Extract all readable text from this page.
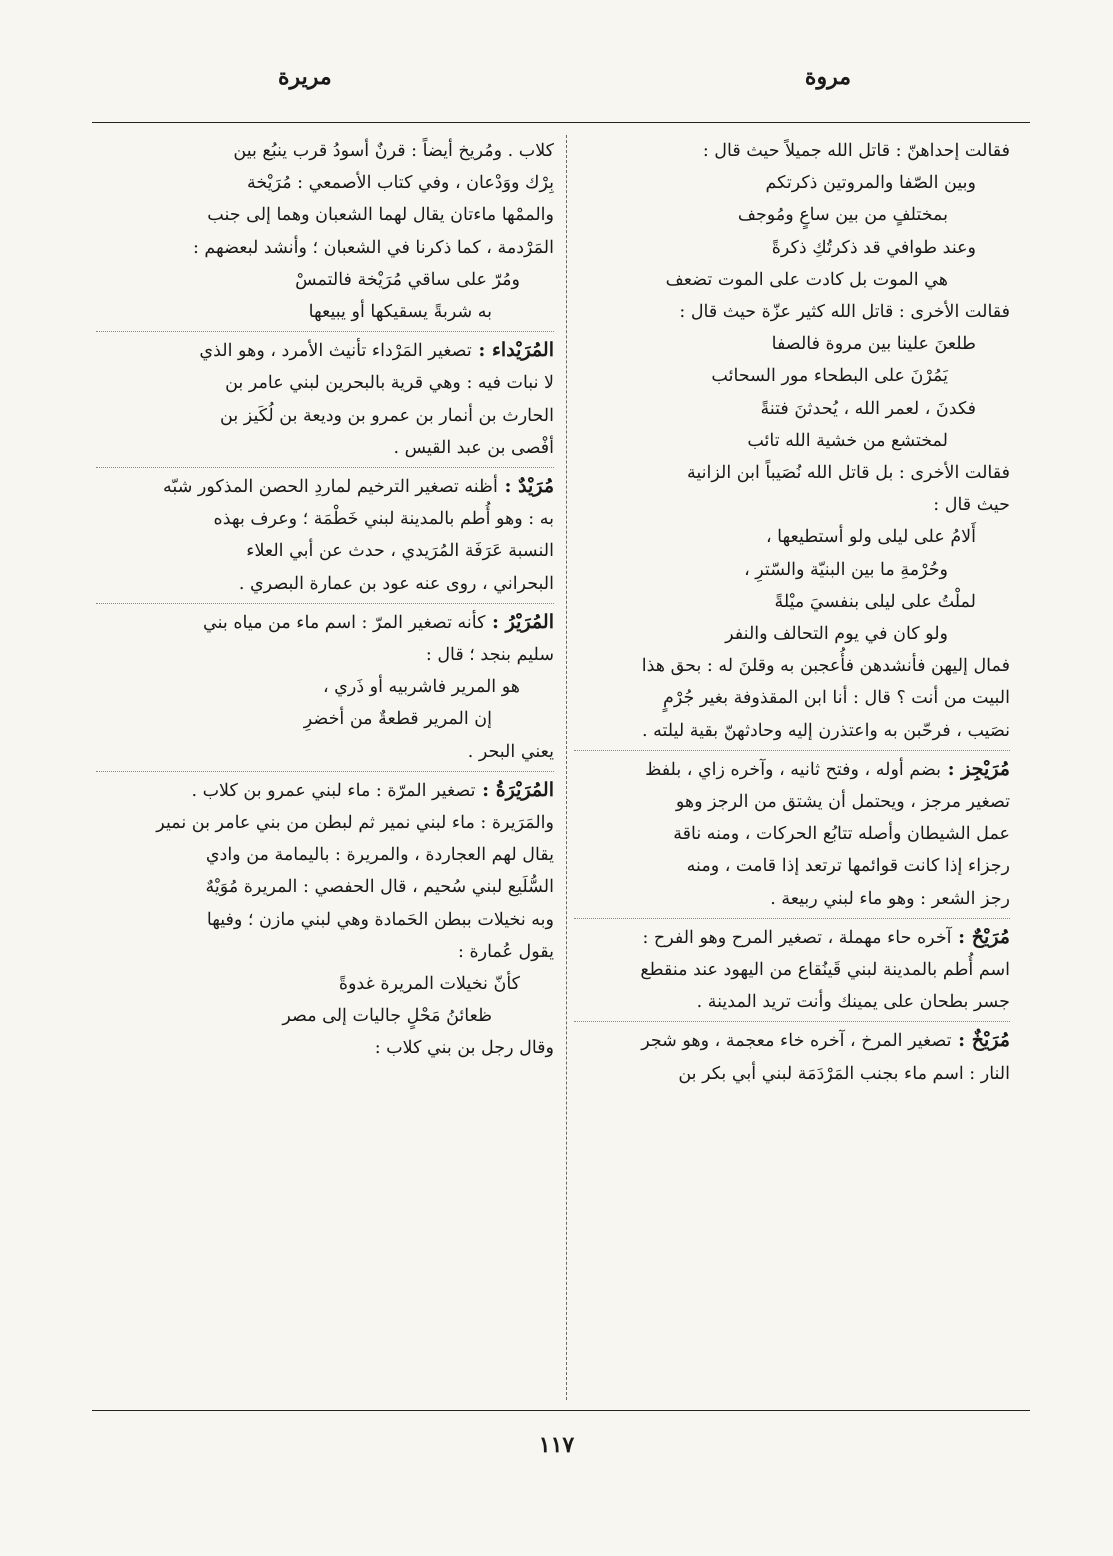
مروة
مريرة

فقالت إحداهنّ : قاتل الله جميلاً حيث قال :

وبين الصّفا والمروتين ذكرتكم

بمختلفٍ من بين ساعٍ ومُوجف

وعند طوافي قد ذكرتُكِ ذكرةً

هي الموت بل كادت على الموت تضعف

فقالت الأخرى : قاتل الله كثير عزّة حيث قال :

طلعنَ علينا بين مروة فالصفا

يَمُرْنَ على البطحاء مور السحائب

فكدنَ ، لعمر الله ، يُحدثنَ فتنةً

لمختشع من خشية الله تائب

فقالت الأخرى : بل قاتل الله نُصَيباً ابن الزانية

حيث قال :

أَلامُ على ليلى ولو أستطيعها ،

وحُرْمةِ ما بين البنيّة والسّترِ ،

لملْتُ على ليلى بنفسيَ ميْلةً

ولو كان في يوم التحالف والنفر

فمال إليهن فأنشدهن فأُعجبن به وقلنَ له : بحق هذا

البيت من أنت ؟ قال : أنا ابن المقذوفة بغير جُرْمٍ

نصَيب ، فرحّبن به واعتذرن إليه وحادثهنّ بقية ليلته .

مُرَيْجِز : بضم أوله ، وفتح ثانيه ، وآخره زاي ، بلفظ

تصغير مرجز ، ويحتمل أن يشتق من الرجز وهو

عمل الشيطان وأصله تتابُع الحركات ، ومنه ناقة

رجزاء إذا كانت قوائمها ترتعد إذا قامت ، ومنه

رجز الشعر : وهو ماء لبني ربيعة .

مُرَيْحٌ : آخره حاء مهملة ، تصغير المرح وهو الفرح :

اسم أُطم بالمدينة لبني قَينُقاع من اليهود عند منقطع

جسر بطحان على يمينك وأنت تريد المدينة .

مُرَيْخٌ : تصغير المرخ ، آخره خاء معجمة ، وهو شجر

النار : اسم ماء بجنب المَرْدَمَة لبني أبي بكر بن

كلاب . ومُريخ أيضاً : قرنٌ أسودُ قرب ينبُع بين

بِرْك ووَدْعان ، وفي كتاب الأصمعي : مُرَيْخة

والممْها ماءتان يقال لهما الشعبان وهما إلى جنب

المَرْدمة ، كما ذكرنا في الشعبان ؛ وأنشد لبعضهم :

ومُرّ على ساقي مُرَيْخة فالتمسْ

به شربةً يسقيكها أو يبيعها

المُرَيْداء : تصغير المَرْداء تأنيث الأمرد ، وهو الذي

لا نبات فيه : وهي قرية بالبحرين لبني عامر بن

الحارث بن أنمار بن عمرو بن وديعة بن لُكَيز بن

أفْصى بن عبد القيس .

مُرَيْدٌ : أظنه تصغير الترخيم لماردِ الحصن المذكور شبّه

به : وهو أُطم بالمدينة لبني خَطْمَة ؛ وعرف بهذه

النسبة عَرَفَة المُرَيدي ، حدث عن أبي العلاء

البحراني ، روى عنه عود بن عمارة البصري .

المُرَيْرُ : كأنه تصغير المرّ : اسم ماء من مياه بني

سليم بنجد ؛ قال :

هو المرير فاشربيه أو ذَري ،

إن المرير قطعةٌ من أخضرِ

يعني البحر .

المُرَيْرَةُ : تصغير المرّة : ماء لبني عمرو بن كلاب .

والمَرَيرة : ماء لبني نمير ثم لبطن من بني عامر بن نمير

يقال لهم العجاردة ، والمريرة : باليمامة من وادي

السُّلَيع لبني سُحيم ، قال الحفصي : المريرة مُوَيْهٌ

وبه نخيلات ببطن الحَمادة وهي لبني مازن ؛ وفيها

يقول عُمارة :

كأنّ نخيلات المريرة غدوةً

ظعائنُ مَحْلٍ جاليات إلى مصر

وقال رجل بن بني كلاب :

١١٧
